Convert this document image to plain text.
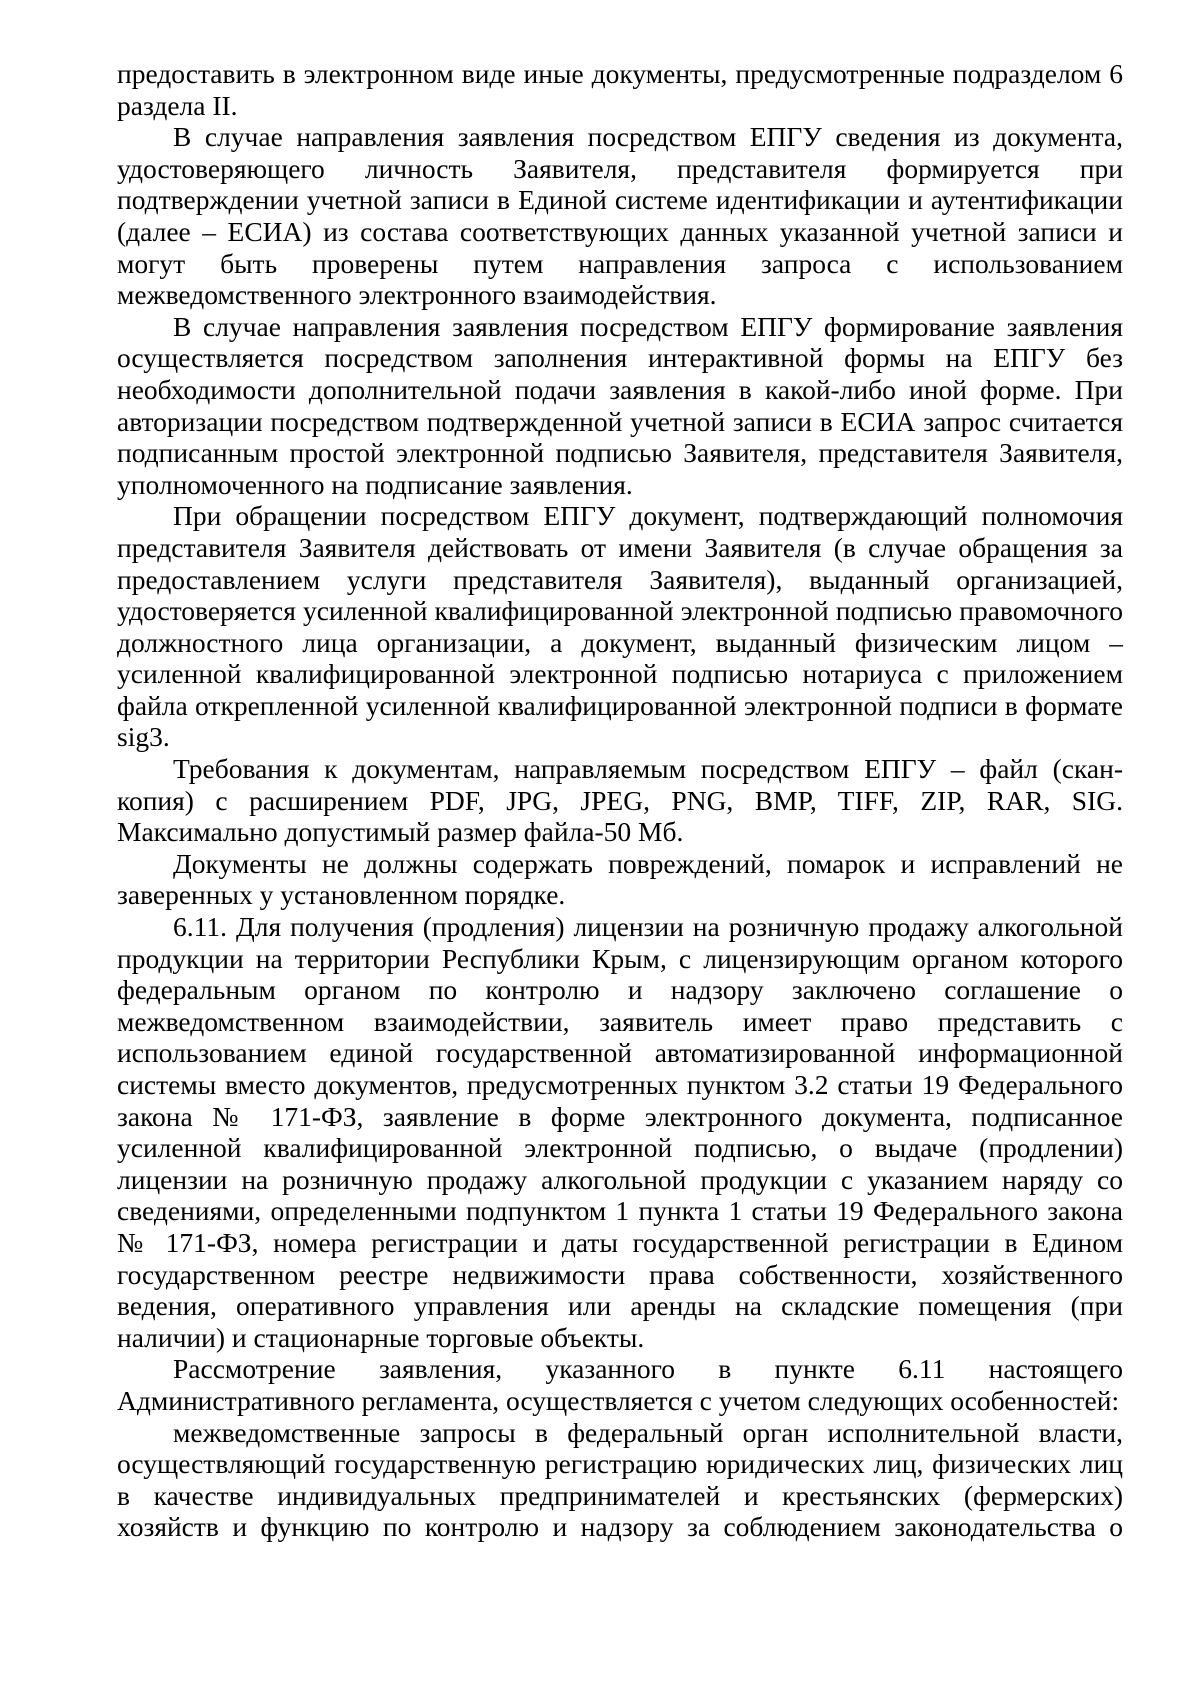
предоставить в электронном виде иные документы, предусмотренные подразделом 6 раздела II.

В случае направления заявления посредством ЕПГУ сведения из документа, удостоверяющего личность Заявителя, представителя формируется при подтверждении учетной записи в Единой системе идентификации и аутентификации (далее – ЕСИА) из состава соответствующих данных указанной учетной записи и могут быть проверены путем направления запроса с использованием межведомственного электронного взаимодействия.

В случае направления заявления посредством ЕПГУ формирование заявления осуществляется посредством заполнения интерактивной формы на ЕПГУ без необходимости дополнительной подачи заявления в какой-либо иной форме. При авторизации посредством подтвержденной учетной записи в ЕСИА запрос считается подписанным простой электронной подписью Заявителя, представителя Заявителя, уполномоченного на подписание заявления.

При обращении посредством ЕПГУ документ, подтверждающий полномочия представителя Заявителя действовать от имени Заявителя (в случае обращения за предоставлением услуги представителя Заявителя), выданный организацией, удостоверяется усиленной квалифицированной электронной подписью правомочного должностного лица организации, а документ, выданный физическим лицом – усиленной квалифицированной электронной подписью нотариуса с приложением файла открепленной усиленной квалифицированной электронной подписи в формате sig3.

Требования к документам, направляемым посредством ЕПГУ – файл (скан-копия) с расширением PDF, JPG, JPEG, PNG, BMP, TIFF, ZIP, RAR, SIG. Максимально допустимый размер файла-50 Мб.

Документы не должны содержать повреждений, помарок и исправлений не заверенных у установленном порядке.

6.11. Для получения (продления) лицензии на розничную продажу алкогольной продукции на территории Республики Крым, с лицензирующим органом которого федеральным органом по контролю и надзору заключено соглашение о межведомственном взаимодействии, заявитель имеет право представить с использованием единой государственной автоматизированной информационной системы вместо документов, предусмотренных пунктом 3.2 статьи 19 Федерального закона № 171-ФЗ, заявление в форме электронного документа, подписанное усиленной квалифицированной электронной подписью, о выдаче (продлении) лицензии на розничную продажу алкогольной продукции с указанием наряду со сведениями, определенными подпунктом 1 пункта 1 статьи 19 Федерального закона № 171-ФЗ, номера регистрации и даты государственной регистрации в Едином государственном реестре недвижимости права собственности, хозяйственного ведения, оперативного управления или аренды на складские помещения (при наличии) и стационарные торговые объекты.

Рассмотрение заявления, указанного в пункте 6.11 настоящего Административного регламента, осуществляется с учетом следующих особенностей:

межведомственные запросы в федеральный орган исполнительной власти, осуществляющий государственную регистрацию юридических лиц, физических лиц в качестве индивидуальных предпринимателей и крестьянских (фермерских) хозяйств и функцию по контролю и надзору за соблюдением законодательства о
